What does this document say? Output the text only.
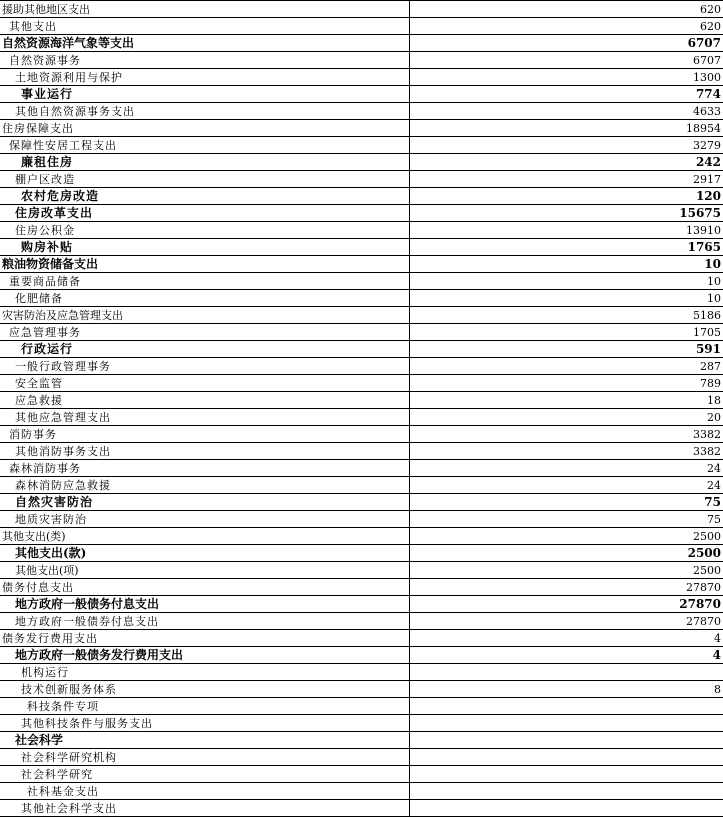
援助其他地区支出	620
其他支出	620
自然资源海洋气象等支出	6707
自然资源事务	6707
土地资源利用与保护	1300
事业运行	774
其他自然资源事务支出	4633
住房保障支出	18954
保障性安居工程支出	3279
廉租住房	242
棚户区改造	2917
农村危房改造	120
住房改革支出	15675
住房公积金	13910
购房补贴	1765
粮油物资储备支出	10
重要商品储备	10
化肥储备	10
灾害防治及应急管理支出	5186
应急管理事务	1705
行政运行	591
一般行政管理事务	287
安全监管	789
应急救援	18
其他应急管理支出	20
消防事务	3382
其他消防事务支出	3382
森林消防事务	24
森林消防应急救援	24
自然灾害防治	75
地质灾害防治	75
其他支出(类)	2500
其他支出(款)	2500
其他支出(项)	2500
债务付息支出	27870
地方政府一般债务付息支出	27870
地方政府一般债券付息支出	27870
债务发行费用支出	4
地方政府一般债务发行费用支出	4
机构运行	
技术创新服务体系	8
科技条件专项	
其他科技条件与服务支出	
社会科学	
社会科学研究机构	
社会科学研究	
社科基金支出	
其他社会科学支出	
